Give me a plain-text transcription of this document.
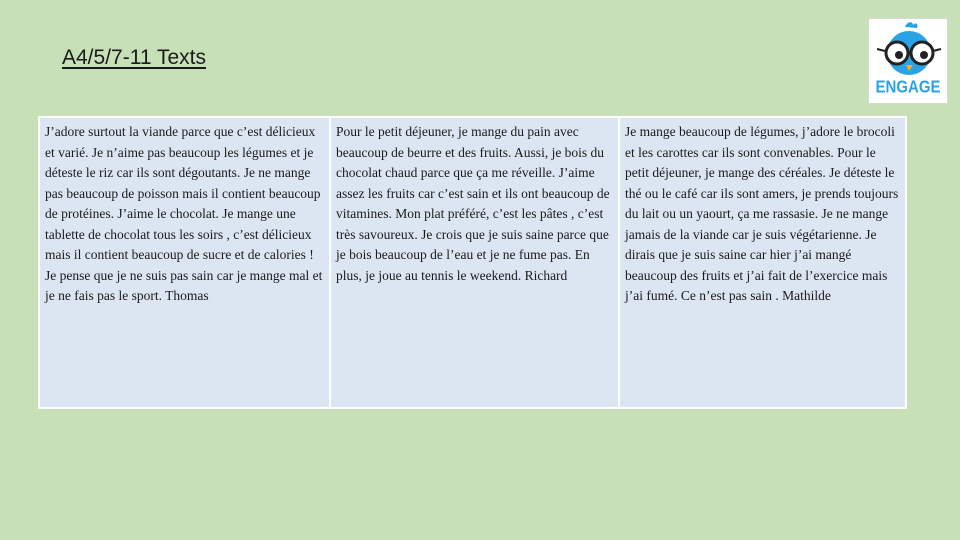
A4/5/7-11 Texts
ENGAGE
J’adore surtout la viande parce que c’est délicieux et varié. Je n’aime pas beaucoup les légumes et je déteste le riz car ils sont dégoutants. Je ne mange pas beaucoup de poisson mais il contient beaucoup de protéines. J’aime le chocolat. Je mange une tablette de chocolat tous les soirs , c’est délicieux mais il contient beaucoup de sucre et de calories ! Je pense que je ne suis pas sain car je mange mal et je ne fais pas le sport. Thomas
Pour le petit déjeuner, je mange du pain avec beaucoup de beurre et des fruits. Aussi, je bois du chocolat chaud parce que ça me réveille. J’aime assez les fruits car c’est sain et ils ont beaucoup de vitamines. Mon plat préféré, c’est les pâtes , c’est très savoureux. Je crois que je suis saine parce que je bois beaucoup de l’eau et je ne fume pas. En plus, je joue au tennis le weekend. Richard
Je mange beaucoup de légumes, j’adore le brocoli et les carottes car ils sont convenables. Pour le petit déjeuner, je mange des céréales. Je déteste le thé ou le café car ils sont amers, je prends toujours du lait ou un yaourt, ça me rassasie. Je ne mange jamais de la viande car je suis végétarienne. Je dirais que je suis saine car hier j’ai mangé beaucoup des fruits et j’ai fait de l’exercice mais j’ai fumé. Ce n’est pas sain . Mathilde
